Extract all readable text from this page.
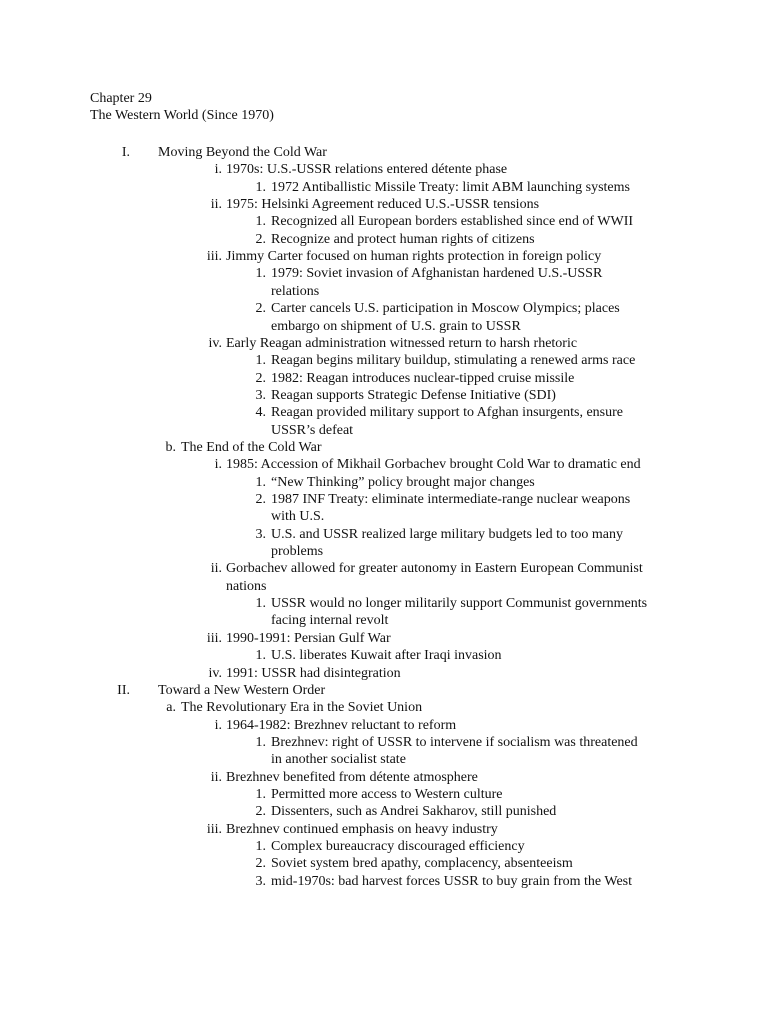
Chapter 29
The Western World (Since 1970)
I. Moving Beyond the Cold War
i. 1970s: U.S.-USSR relations entered détente phase
1. 1972 Antiballistic Missile Treaty: limit ABM launching systems
ii. 1975: Helsinki Agreement reduced U.S.-USSR tensions
1. Recognized all European borders established since end of WWII
2. Recognize and protect human rights of citizens
iii. Jimmy Carter focused on human rights protection in foreign policy
1. 1979: Soviet invasion of Afghanistan hardened U.S.-USSR
relations
2. Carter cancels U.S. participation in Moscow Olympics; places
embargo on shipment of U.S. grain to USSR
iv. Early Reagan administration witnessed return to harsh rhetoric
1. Reagan begins military buildup, stimulating a renewed arms race
2. 1982: Reagan introduces nuclear-tipped cruise missile
3. Reagan supports Strategic Defense Initiative (SDI)
4. Reagan provided military support to Afghan insurgents, ensure
USSR’s defeat
b. The End of the Cold War
i. 1985: Accession of Mikhail Gorbachev brought Cold War to dramatic end
1. “New Thinking” policy brought major changes
2. 1987 INF Treaty: eliminate intermediate-range nuclear weapons
with U.S.
3. U.S. and USSR realized large military budgets led to too many
problems
ii. Gorbachev allowed for greater autonomy in Eastern European Communist
nations
1. USSR would no longer militarily support Communist governments
facing internal revolt
iii. 1990-1991: Persian Gulf War
1. U.S. liberates Kuwait after Iraqi invasion
iv. 1991: USSR had disintegration
II. Toward a New Western Order
a. The Revolutionary Era in the Soviet Union
i. 1964-1982: Brezhnev reluctant to reform
1. Brezhnev: right of USSR to intervene if socialism was threatened
in another socialist state
ii. Brezhnev benefited from détente atmosphere
1. Permitted more access to Western culture
2. Dissenters, such as Andrei Sakharov, still punished
iii. Brezhnev continued emphasis on heavy industry
1. Complex bureaucracy discouraged efficiency
2. Soviet system bred apathy, complacency, absenteeism
3. mid-1970s: bad harvest forces USSR to buy grain from the West
